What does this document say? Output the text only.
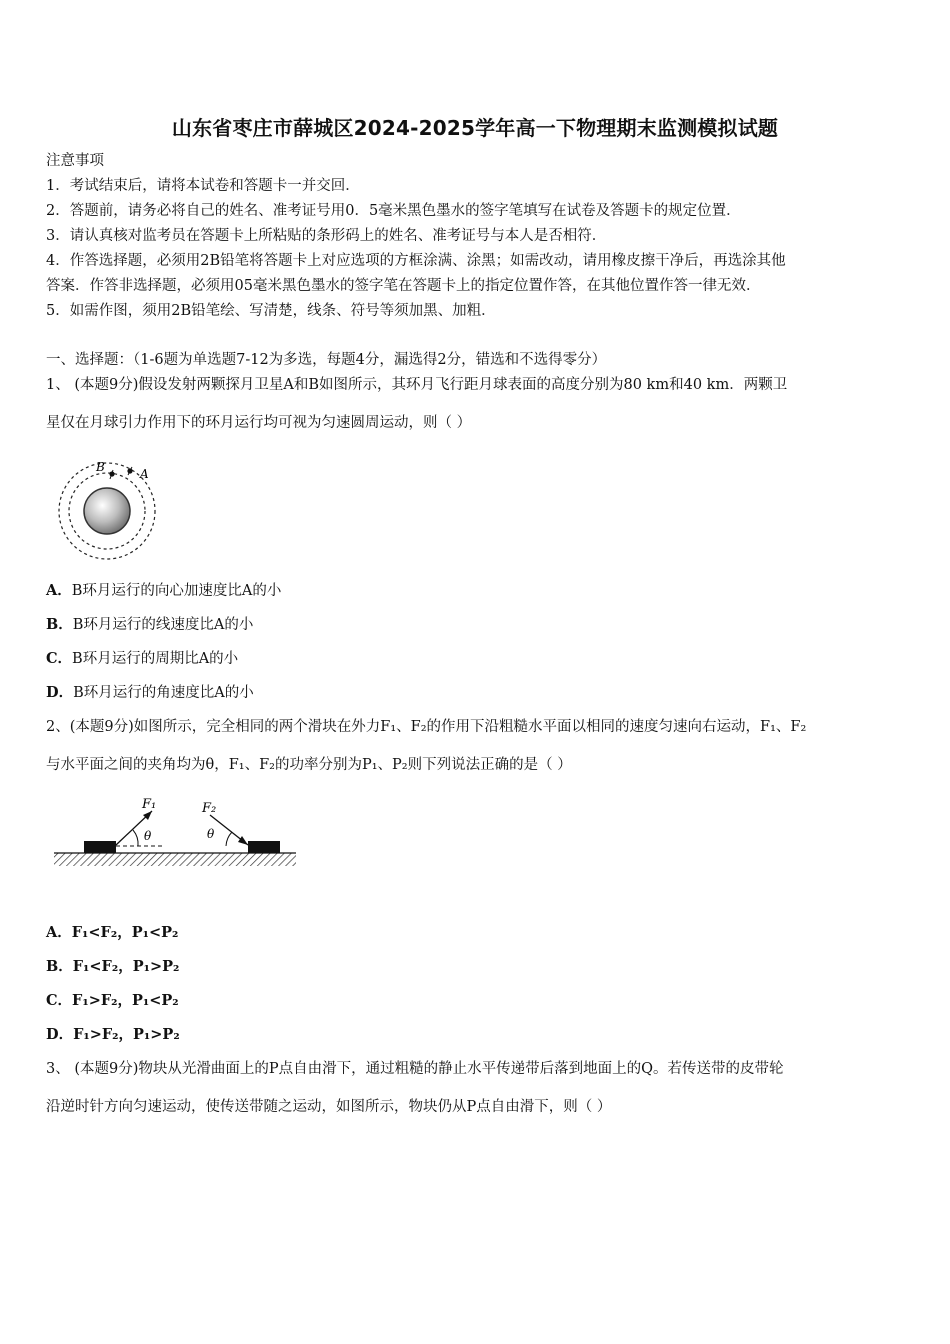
山东省枣庄市薛城区2024-2025学年高一下物理期末监测模拟试题
注意事项
1．考试结束后，请将本试卷和答题卡一并交回．
2．答题前，请务必将自己的姓名、准考证号用0．5毫米黑色墨水的签字笔填写在试卷及答题卡的规定位置．
3．请认真核对监考员在答题卡上所粘贴的条形码上的姓名、准考证号与本人是否相符．
4．作答选择题，必须用2B铅笔将答题卡上对应选项的方框涂满、涂黑；如需改动，请用橡皮擦干净后，再选涂其他
答案．作答非选择题，必须用05毫米黑色墨水的签字笔在答题卡上的指定位置作答，在其他位置作答一律无效．
5．如需作图，须用2B铅笔绘、写清楚，线条、符号等须加黑、加粗．
一、选择题：（1-6题为单选题7-12为多选，每题4分，漏选得2分，错选和不选得零分）
1、 (本题9分)假设发射两颗探月卫星A和B如图所示，其环月飞行距月球表面的高度分别为80 km和40 km．两颗卫
星仅在月球引力作用下的环月运行均可视为匀速圆周运动，则（ ）
B	A
A．B环月运行的向心加速度比A的小
B．B环月运行的线速度比A的小
C．B环月运行的周期比A的小
D．B环月运行的角速度比A的小
2、(本题9分)如图所示，完全相同的两个滑块在外力F₁、F₂的作用下沿粗糙水平面以相同的速度匀速向右运动，F₁、F₂
与水平面之间的夹角均为θ，F₁、F₂的功率分别为P₁、P₂则下列说法正确的是（ ）
F₁
θ
F₂
θ
A．F₁<F₂，P₁<P₂
B．F₁<F₂，P₁>P₂
C．F₁>F₂，P₁<P₂
D．F₁>F₂，P₁>P₂
3、 (本题9分)物块从光滑曲面上的P点自由滑下，通过粗糙的静止水平传递带后落到地面上的Q。若传送带的皮带轮
沿逆时针方向匀速运动，使传送带随之运动，如图所示，物块仍从P点自由滑下，则（ ）
